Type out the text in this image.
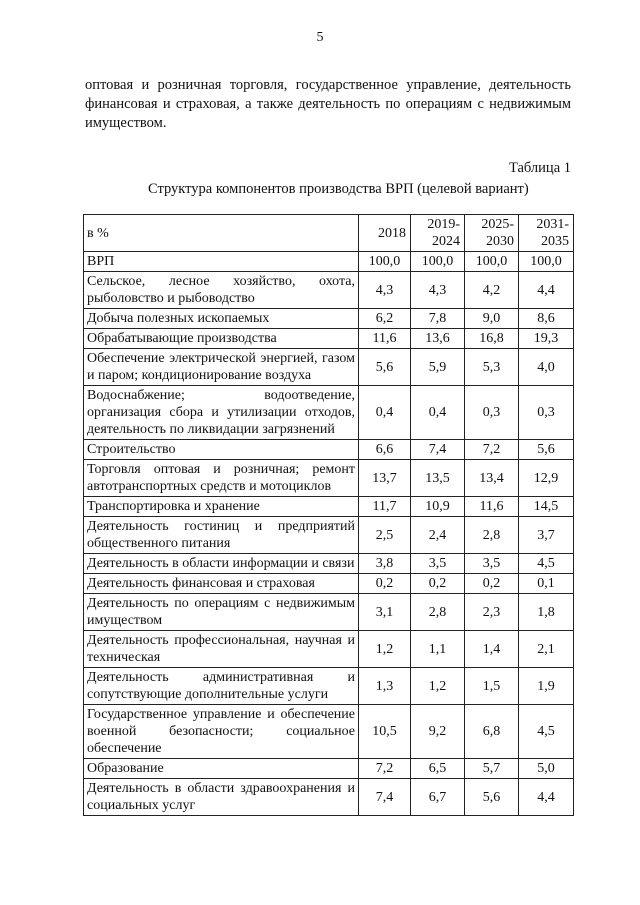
5
оптовая и розничная торговля, государственное управление, деятельность финансовая и страховая, а также деятельность по операциям с недвижимым имуществом.
Таблица 1
Структура компонентов производства ВРП (целевой вариант)
в %	2018	2019-2024	2025-2030	2031-2035
ВРП	100,0	100,0	100,0	100,0
Сельское, лесное хозяйство, охота, рыболовство и рыбоводство	4,3	4,3	4,2	4,4
Добыча полезных ископаемых	6,2	7,8	9,0	8,6
Обрабатывающие производства	11,6	13,6	16,8	19,3
Обеспечение электрической энергией, газом и паром; кондиционирование воздуха	5,6	5,9	5,3	4,0
Водоснабжение; водоотведение, организация сбора и утилизации отходов, деятельность по ликвидации загрязнений	0,4	0,4	0,3	0,3
Строительство	6,6	7,4	7,2	5,6
Торговля оптовая и розничная; ремонт автотранспортных средств и мотоциклов	13,7	13,5	13,4	12,9
Транспортировка и хранение	11,7	10,9	11,6	14,5
Деятельность гостиниц и предприятий общественного питания	2,5	2,4	2,8	3,7
Деятельность в области информации и связи	3,8	3,5	3,5	4,5
Деятельность финансовая и страховая	0,2	0,2	0,2	0,1
Деятельность по операциям с недвижимым имуществом	3,1	2,8	2,3	1,8
Деятельность профессиональная, научная и техническая	1,2	1,1	1,4	2,1
Деятельность административная и сопутствующие дополнительные услуги	1,3	1,2	1,5	1,9
Государственное управление и обеспечение военной безопасности; социальное обеспечение	10,5	9,2	6,8	4,5
Образование	7,2	6,5	5,7	5,0
Деятельность в области здравоохранения и социальных услуг	7,4	6,7	5,6	4,4
